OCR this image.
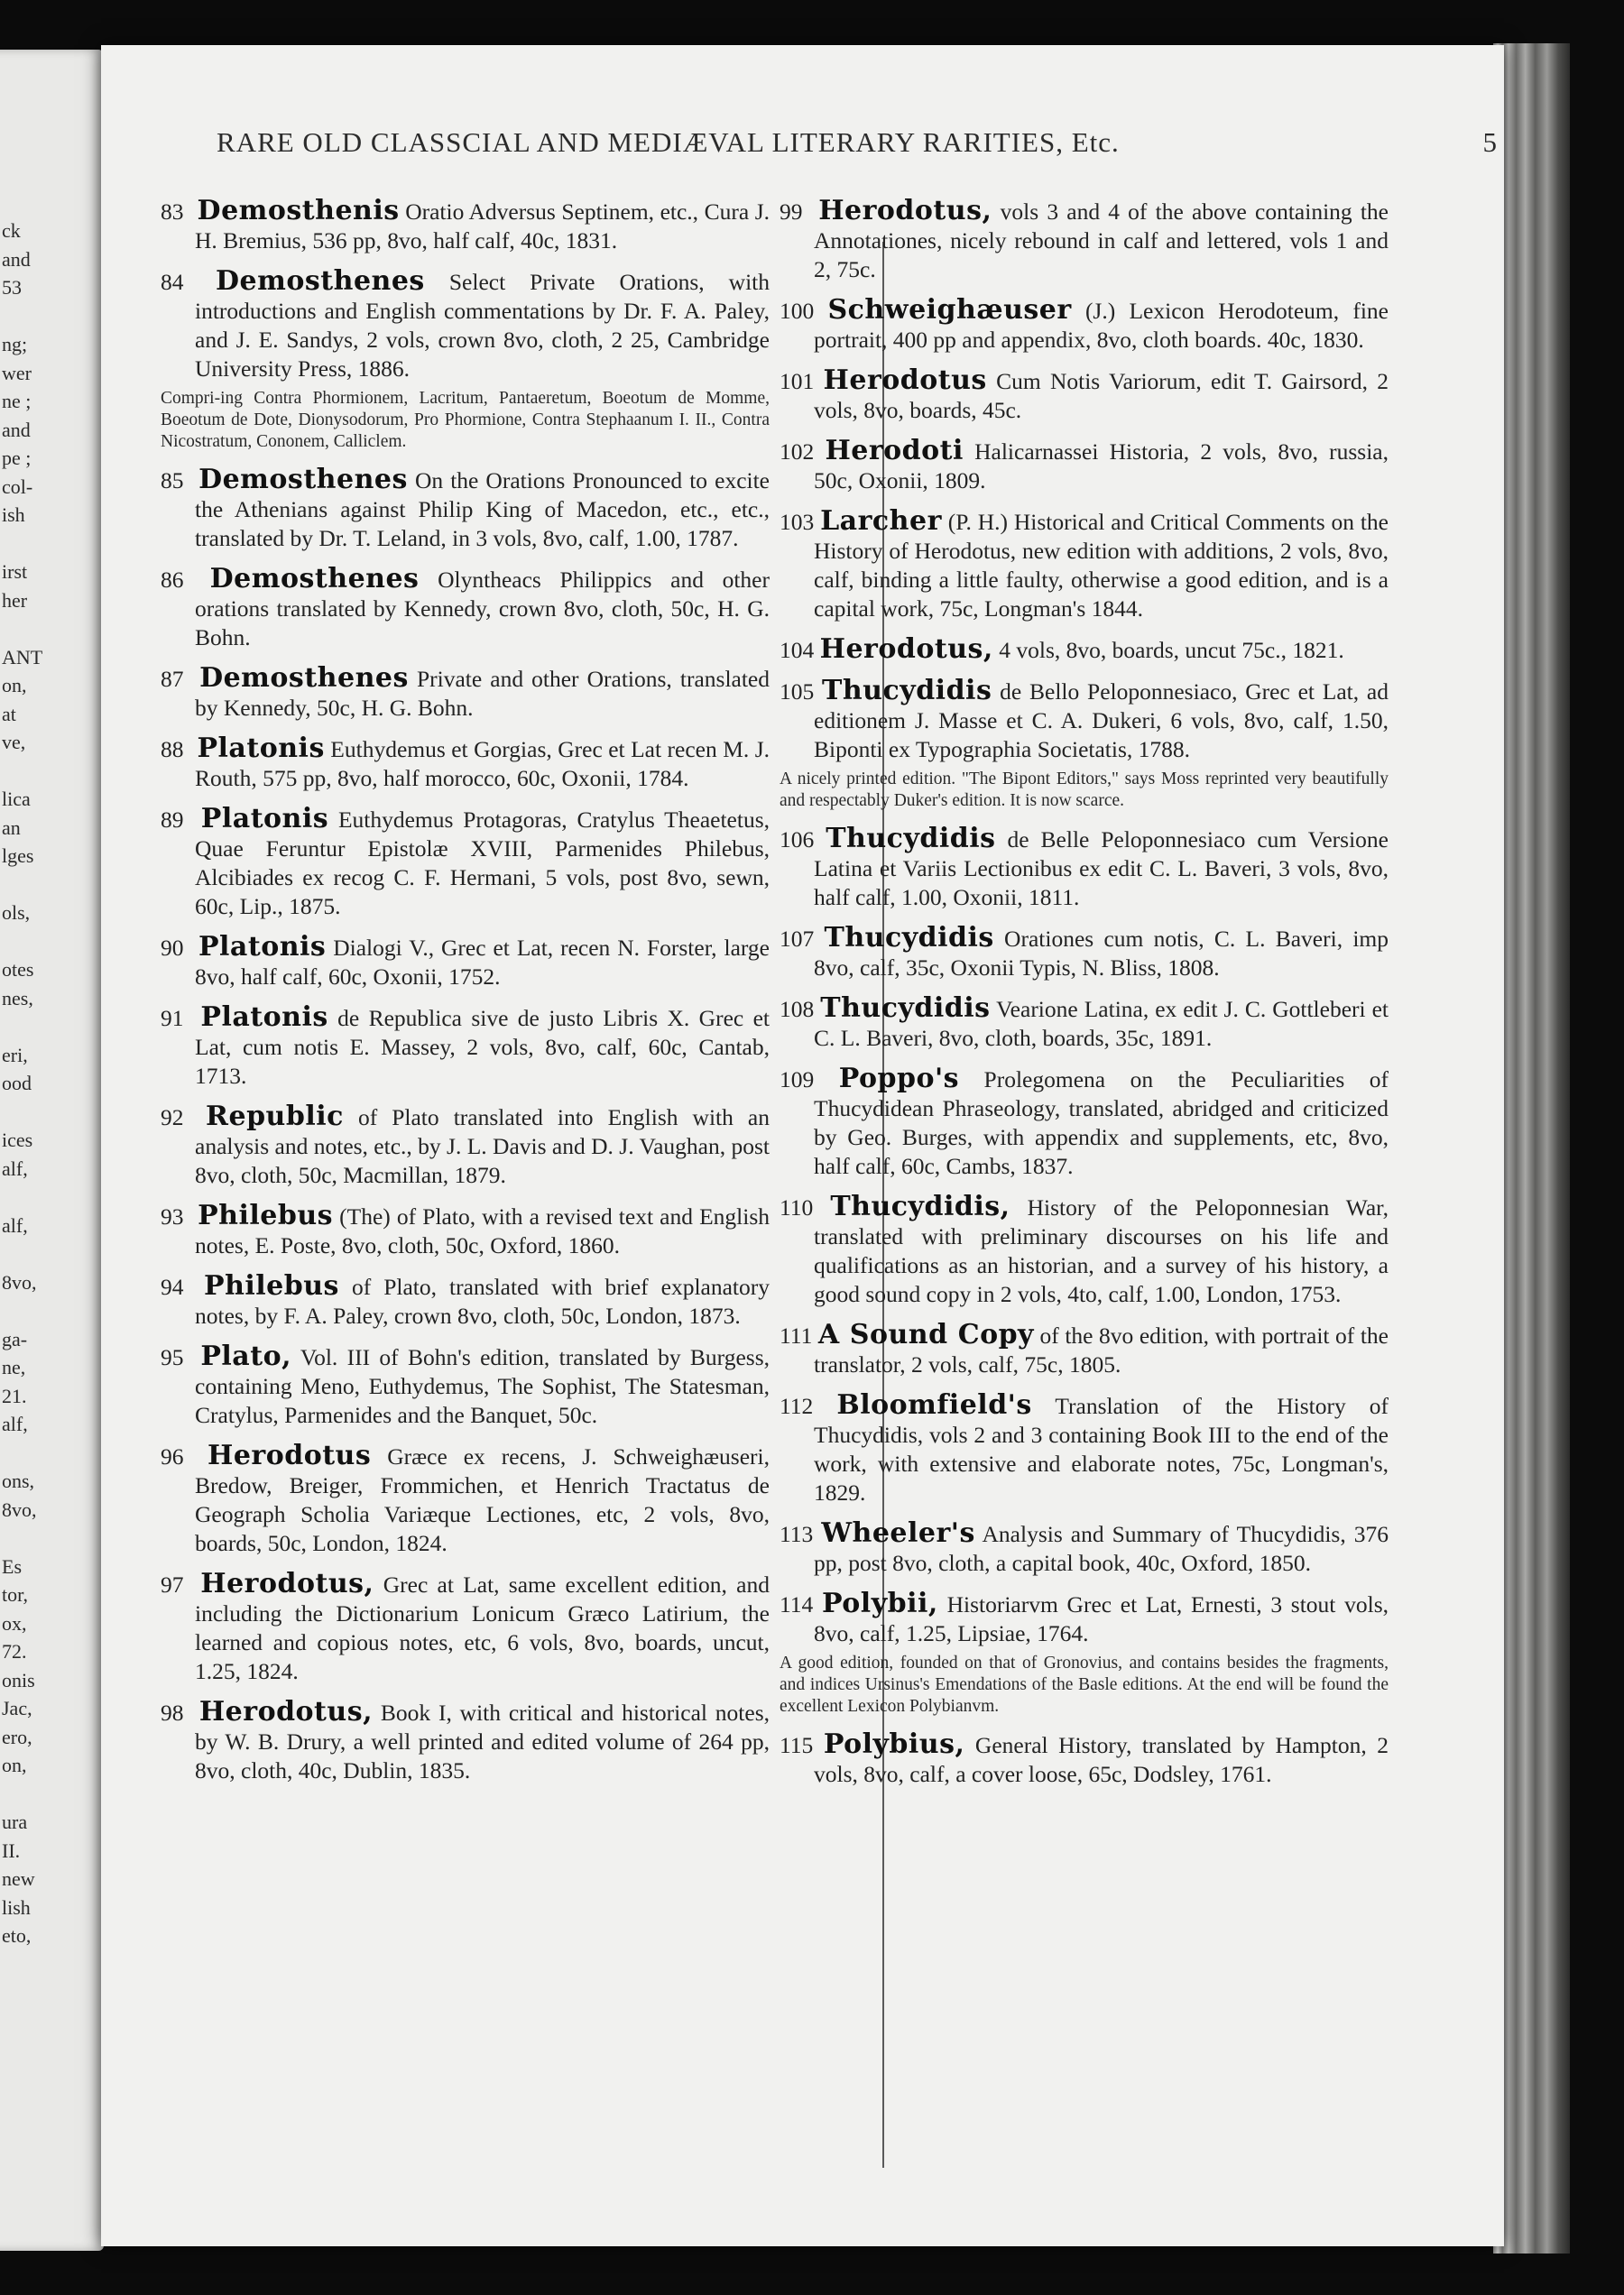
ck
and
53
ng;
wer
ne ;
and
pe ;
col-
ish
irst
her
ANT
on,
at
ve,
lica
an
lges
ols,
otes
nes,
eri,
ood
ices
alf,
alf,
8vo,
ga-
ne,
21.
alf,
ons,
8vo,
Es
tor,
ox,
72.
onis
Jac,
ero,
on,
ura
II.
new
lish
eto,
RARE OLD CLASSCIAL AND MEDIÆVAL LITERARY RARITIES, Etc.	5
83 Demosthenis Oratio Adversus Septinem, etc., Cura J. H. Bremius, 536 pp, 8vo, half calf, 40c, 1831.
84 Demosthenes Select Private Orations, with introductions and English commentations by Dr. F. A. Paley, and J. E. Sandys, 2 vols, crown 8vo, cloth, 2 25, Cambridge University Press, 1886.
Compri-ing Contra Phormionem, Lacritum, Pantaeretum, Boeotum de Momme, Boeotum de Dote, Dionysodorum, Pro Phormione, Contra Stephaanum I. II., Contra Nicostratum, Cononem, Calliclem.
85 Demosthenes On the Orations Pronounced to excite the Athenians against Philip King of Macedon, etc., etc., translated by Dr. T. Leland, in 3 vols, 8vo, calf, 1.00, 1787.
86 Demosthenes Olyntheacs Philippics and other orations translated by Kennedy, crown 8vo, cloth, 50c, H. G. Bohn.
87 Demosthenes Private and other Orations, translated by Kennedy, 50c, H. G. Bohn.
88 Platonis Euthydemus et Gorgias, Grec et Lat recen M. J. Routh, 575 pp, 8vo, half morocco, 60c, Oxonii, 1784.
89 Platonis Euthydemus Protagoras, Cratylus Theaetetus, Quae Feruntur Epistolæ XVIII, Parmenides Philebus, Alcibiades ex recog C. F. Hermani, 5 vols, post 8vo, sewn, 60c, Lip., 1875.
90 Platonis Dialogi V., Grec et Lat, recen N. Forster, large 8vo, half calf, 60c, Oxonii, 1752.
91 Platonis de Republica sive de justo Libris X. Grec et Lat, cum notis E. Massey, 2 vols, 8vo, calf, 60c, Cantab, 1713.
92 Republic of Plato translated into English with an analysis and notes, etc., by J. L. Davis and D. J. Vaughan, post 8vo, cloth, 50c, Macmillan, 1879.
93 Philebus (The) of Plato, with a revised text and English notes, E. Poste, 8vo, cloth, 50c, Oxford, 1860.
94 Philebus of Plato, translated with brief explanatory notes, by F. A. Paley, crown 8vo, cloth, 50c, London, 1873.
95 Plato, Vol. III of Bohn's edition, translated by Burgess, containing Meno, Euthydemus, The Sophist, The Statesman, Cratylus, Parmenides and the Banquet, 50c.
96 Herodotus Græce ex recens, J. Schweighæuseri, Bredow, Breiger, Frommichen, et Henrich Tractatus de Geograph Scholia Variæque Lectiones, etc, 2 vols, 8vo, boards, 50c, London, 1824.
97 Herodotus, Grec at Lat, same excellent edition, and including the Dictionarium Lonicum Græco Latirium, the learned and copious notes, etc, 6 vols, 8vo, boards, uncut, 1.25, 1824.
98 Herodotus, Book I, with critical and historical notes, by W. B. Drury, a well printed and edited volume of 264 pp, 8vo, cloth, 40c, Dublin, 1835.
99 Herodotus, vols 3 and 4 of the above containing the Annotationes, nicely rebound in calf and lettered, vols 1 and 2, 75c.
100 Schweighæuser (J.) Lexicon Herodoteum, fine portrait, 400 pp and appendix, 8vo, cloth boards. 40c, 1830.
101 Herodotus Cum Notis Variorum, edit T. Gairsord, 2 vols, 8vo, boards, 45c.
102 Herodoti Halicarnassei Historia, 2 vols, 8vo, russia, 50c, Oxonii, 1809.
103 Larcher (P. H.) Historical and Critical Comments on the History of Herodotus, new edition with additions, 2 vols, 8vo, calf, binding a little faulty, otherwise a good edition, and is a capital work, 75c, Longman's 1844.
104 Herodotus, 4 vols, 8vo, boards, uncut 75c., 1821.
105 Thucydidis de Bello Peloponnesiaco, Grec et Lat, ad editionem J. Masse et C. A. Dukeri, 6 vols, 8vo, calf, 1.50, Biponti ex Typographia Societatis, 1788.
A nicely printed edition. "The Bipont Editors," says Moss reprinted very beautifully and respectably Duker's edition. It is now scarce.
106 Thucydidis de Belle Peloponnesiaco cum Versione Latina et Variis Lectionibus ex edit C. L. Baveri, 3 vols, 8vo, half calf, 1.00, Oxonii, 1811.
107 Thucydidis Orationes cum notis, C. L. Baveri, imp 8vo, calf, 35c, Oxonii Typis, N. Bliss, 1808.
108 Thucydidis Vearione Latina, ex edit J. C. Gottleberi et C. L. Baveri, 8vo, cloth, boards, 35c, 1891.
109 Poppo's Prolegomena on the Peculiarities of Thucydidean Phraseology, translated, abridged and criticized by Geo. Burges, with appendix and supplements, etc, 8vo, half calf, 60c, Cambs, 1837.
110 Thucydidis, History of the Peloponnesian War, translated with preliminary discourses on his life and qualifications as an historian, and a survey of his history, a good sound copy in 2 vols, 4to, calf, 1.00, London, 1753.
111 A Sound Copy of the 8vo edition, with portrait of the translator, 2 vols, calf, 75c, 1805.
112 Bloomfield's Translation of the History of Thucydidis, vols 2 and 3 containing Book III to the end of the work, with extensive and elaborate notes, 75c, Longman's, 1829.
113 Wheeler's Analysis and Summary of Thucydidis, 376 pp, post 8vo, cloth, a capital book, 40c, Oxford, 1850.
114 Polybii, Historiarvm Grec et Lat, Ernesti, 3 stout vols, 8vo, calf, 1.25, Lipsiae, 1764.
A good edition, founded on that of Gronovius, and contains besides the fragments, and indices Ursinus's Emendations of the Basle editions. At the end will be found the excellent Lexicon Polybianvm.
115 Polybius, General History, translated by Hampton, 2 vols, 8vo, calf, a cover loose, 65c, Dodsley, 1761.
